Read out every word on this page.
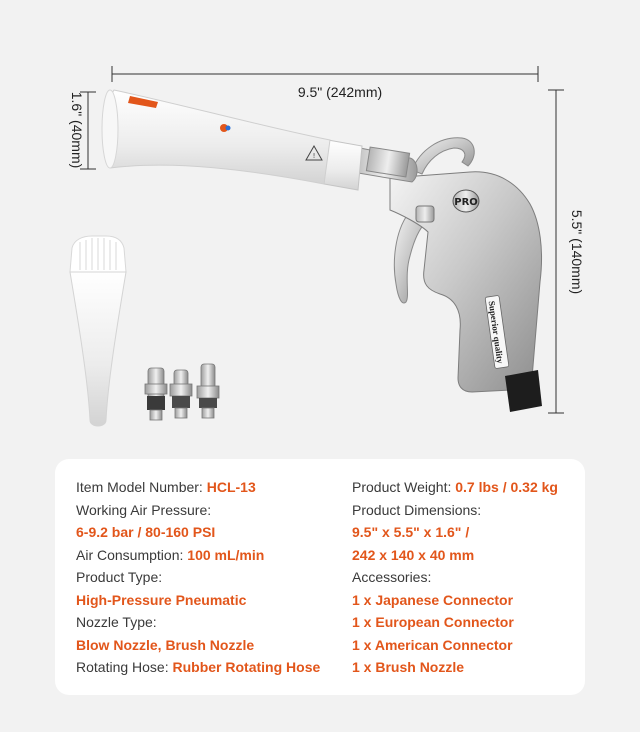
9.5" (242mm)
5.5" (140mm)
1.6" (40mm)
Superior quality
PRO
!
Item Model Number: HCL-13
Working Air Pressure:
6-9.2 bar / 80-160 PSI
Air Consumption: 100 mL/min
Product Type:
High-Pressure Pneumatic
Nozzle Type:
Blow Nozzle, Brush Nozzle
Rotating Hose: Rubber Rotating Hose
Product Weight: 0.7 lbs / 0.32 kg
Product Dimensions:
9.5" x 5.5" x 1.6" /
242 x 140 x 40 mm
Accessories:
1 x Japanese Connector
1 x European Connector
1 x American Connector
1 x Brush Nozzle
